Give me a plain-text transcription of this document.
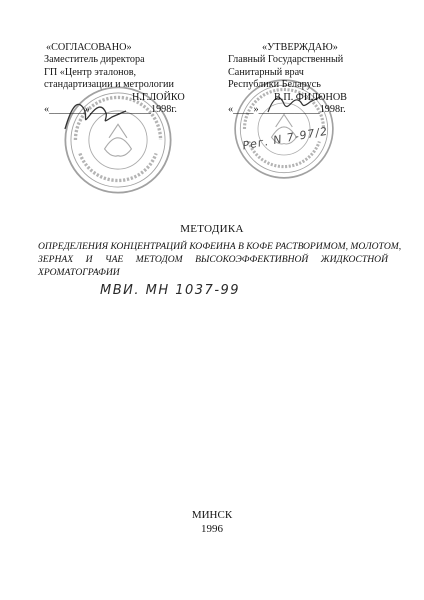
«СОГЛАСОВАНО»
Заместитель директора
ГП «Центр эталонов,
стандартизации и метрологии
Н.Г.ЛОЙКО
«_______»____________1998г.
«УТВЕРЖДАЮ»
Главный Государственный
Санитарный врач
Республики Беларусь
В.П. ФИЛОНОВ
«____»____________1998г.
Рег. N 7-97/2
МЕТОДИКА
ОПРЕДЕЛЕНИЯ КОНЦЕНТРАЦИЙ КОФЕИНА В КОФЕ РАСТВОРИМОМ, МОЛОТОМ,
ЗЕРНАХ И ЧАЕ МЕТОДОМ ВЫСОКОЭФФЕКТИВНОЙ ЖИДКОСТНОЙ
ХРОМАТОГРАФИИ
МВИ. МН 1037-99
МИНСК
1996
